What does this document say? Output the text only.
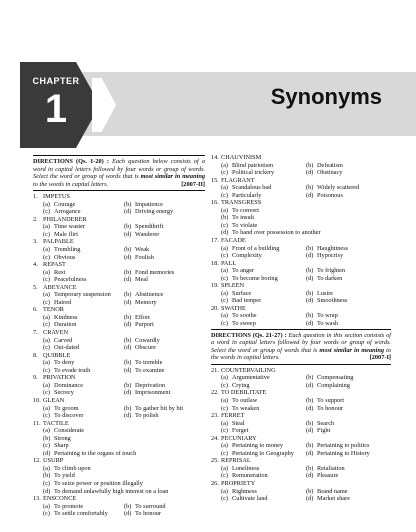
CHAPTER
1	Synonyms
DIRECTIONS (Qs. 1-20) : Each question below consists of a word in capital letters followed by four words or group of words. Select the word or group of words that is most similar in meaning to the words in capital letters.	[2007-II]
1. IMPETUS
(a) Courage	(b) Impatience
(c) Arrogance	(d) Driving energy
2. PHILANDERER
(a) Time waster	(b) Spendthrift
(c) Male flirt	(d) Wanderer
3. PALPABLE
(a) Trembling	(b) Weak
(c) Obvious	(d) Foolish
4. REPAST
(a) Rest	(b) Fond memories
(c) Peacefulness	(d) Meal
5. ABEYANCE
(a) Temporary suspension (b) Abstinence
(c) Hatred	(d) Memory
6. TENOR
(a) Kindness	(b) Effort
(c) Duration	(d) Purport
7. CRAVEN
(a) Carved	(b) Cowardly
(c) Out-dated	(d) Obscure
8. QUIBBLE
(a) To deny	(b) To tremble
(c) To evade truth	(d) To examine
9. PRIVATION
(a) Dominance	(b) Deprivation
(c) Secrecy	(d) Imprisonment
10. GLEAN
(a) To groom	(b) To gather bit by bit
(c) To discover	(d) To polish
11. TACTILE
(a) Considerate
(b) Strong
(c) Sharp
(d) Pertaining to the organs of touch
12. USURP
(a) To climb upon
(b) To yield
(c) To seize power or position illegally
(d) To demand unlawfully high interest on a loan
13. ENSCONCE
(a) To promote	(b) To surround
(c) To settle comfortably	(d) To honour
14. CHAUVINISM
(a) Blind patriotism	(b) Defeatism
(c) Political trickery	(d) Obstinacy
15. FLAGRANT
(a) Scandalous bad	(b) Widely scattered
(c) Particularly	(d) Poisonous
16. TRANSGRESS
(a) To convert
(b) To insult
(c) To violate
(d) To hand over possession to another
17. FACADE
(a) Front of a building	(b) Haughtiness
(c) Complexity	(d) Hypocrisy
18. PALL
(a) To anger	(b) To frighten
(c) To become boring	(d) To darken
19. SPLEEN
(a) Surface	(b) Lustre
(c) Bad temper	(d) Smoothness
20. SWATHE
(a) To soothe	(b) To wrap
(c) To sweep	(d) To wash
DIRECTIONS (Qs. 21-27) : Each question in this section consists of a word in capital letters followed by four words or group of words. Select the word or group of words that is most similar in meaning to the words in capital letters.	[2007-I]
21. COUNTERVAILING
(a) Argumentative	(b) Compensating
(c) Crying	(d) Complaining
22. TO DEBILITATE
(a) To outlaw	(b) To support
(c) To weaken	(d) To honour
23. FERRET
(a) Steal	(b) Search
(c) Forget	(d) Fight
24. PECUNIARY
(a) Pertaining to money	(b) Pertaining to politics
(c) Pertaining to Geography (d) Pertaining to History
25. REPRISAL
(a) Loneliness	(b) Retaliation
(c) Remuneration	(d) Pleasure
26. PROPRIETY
(a) Rightness	(b) Brand name
(c) Cultivate land	(d) Market share
